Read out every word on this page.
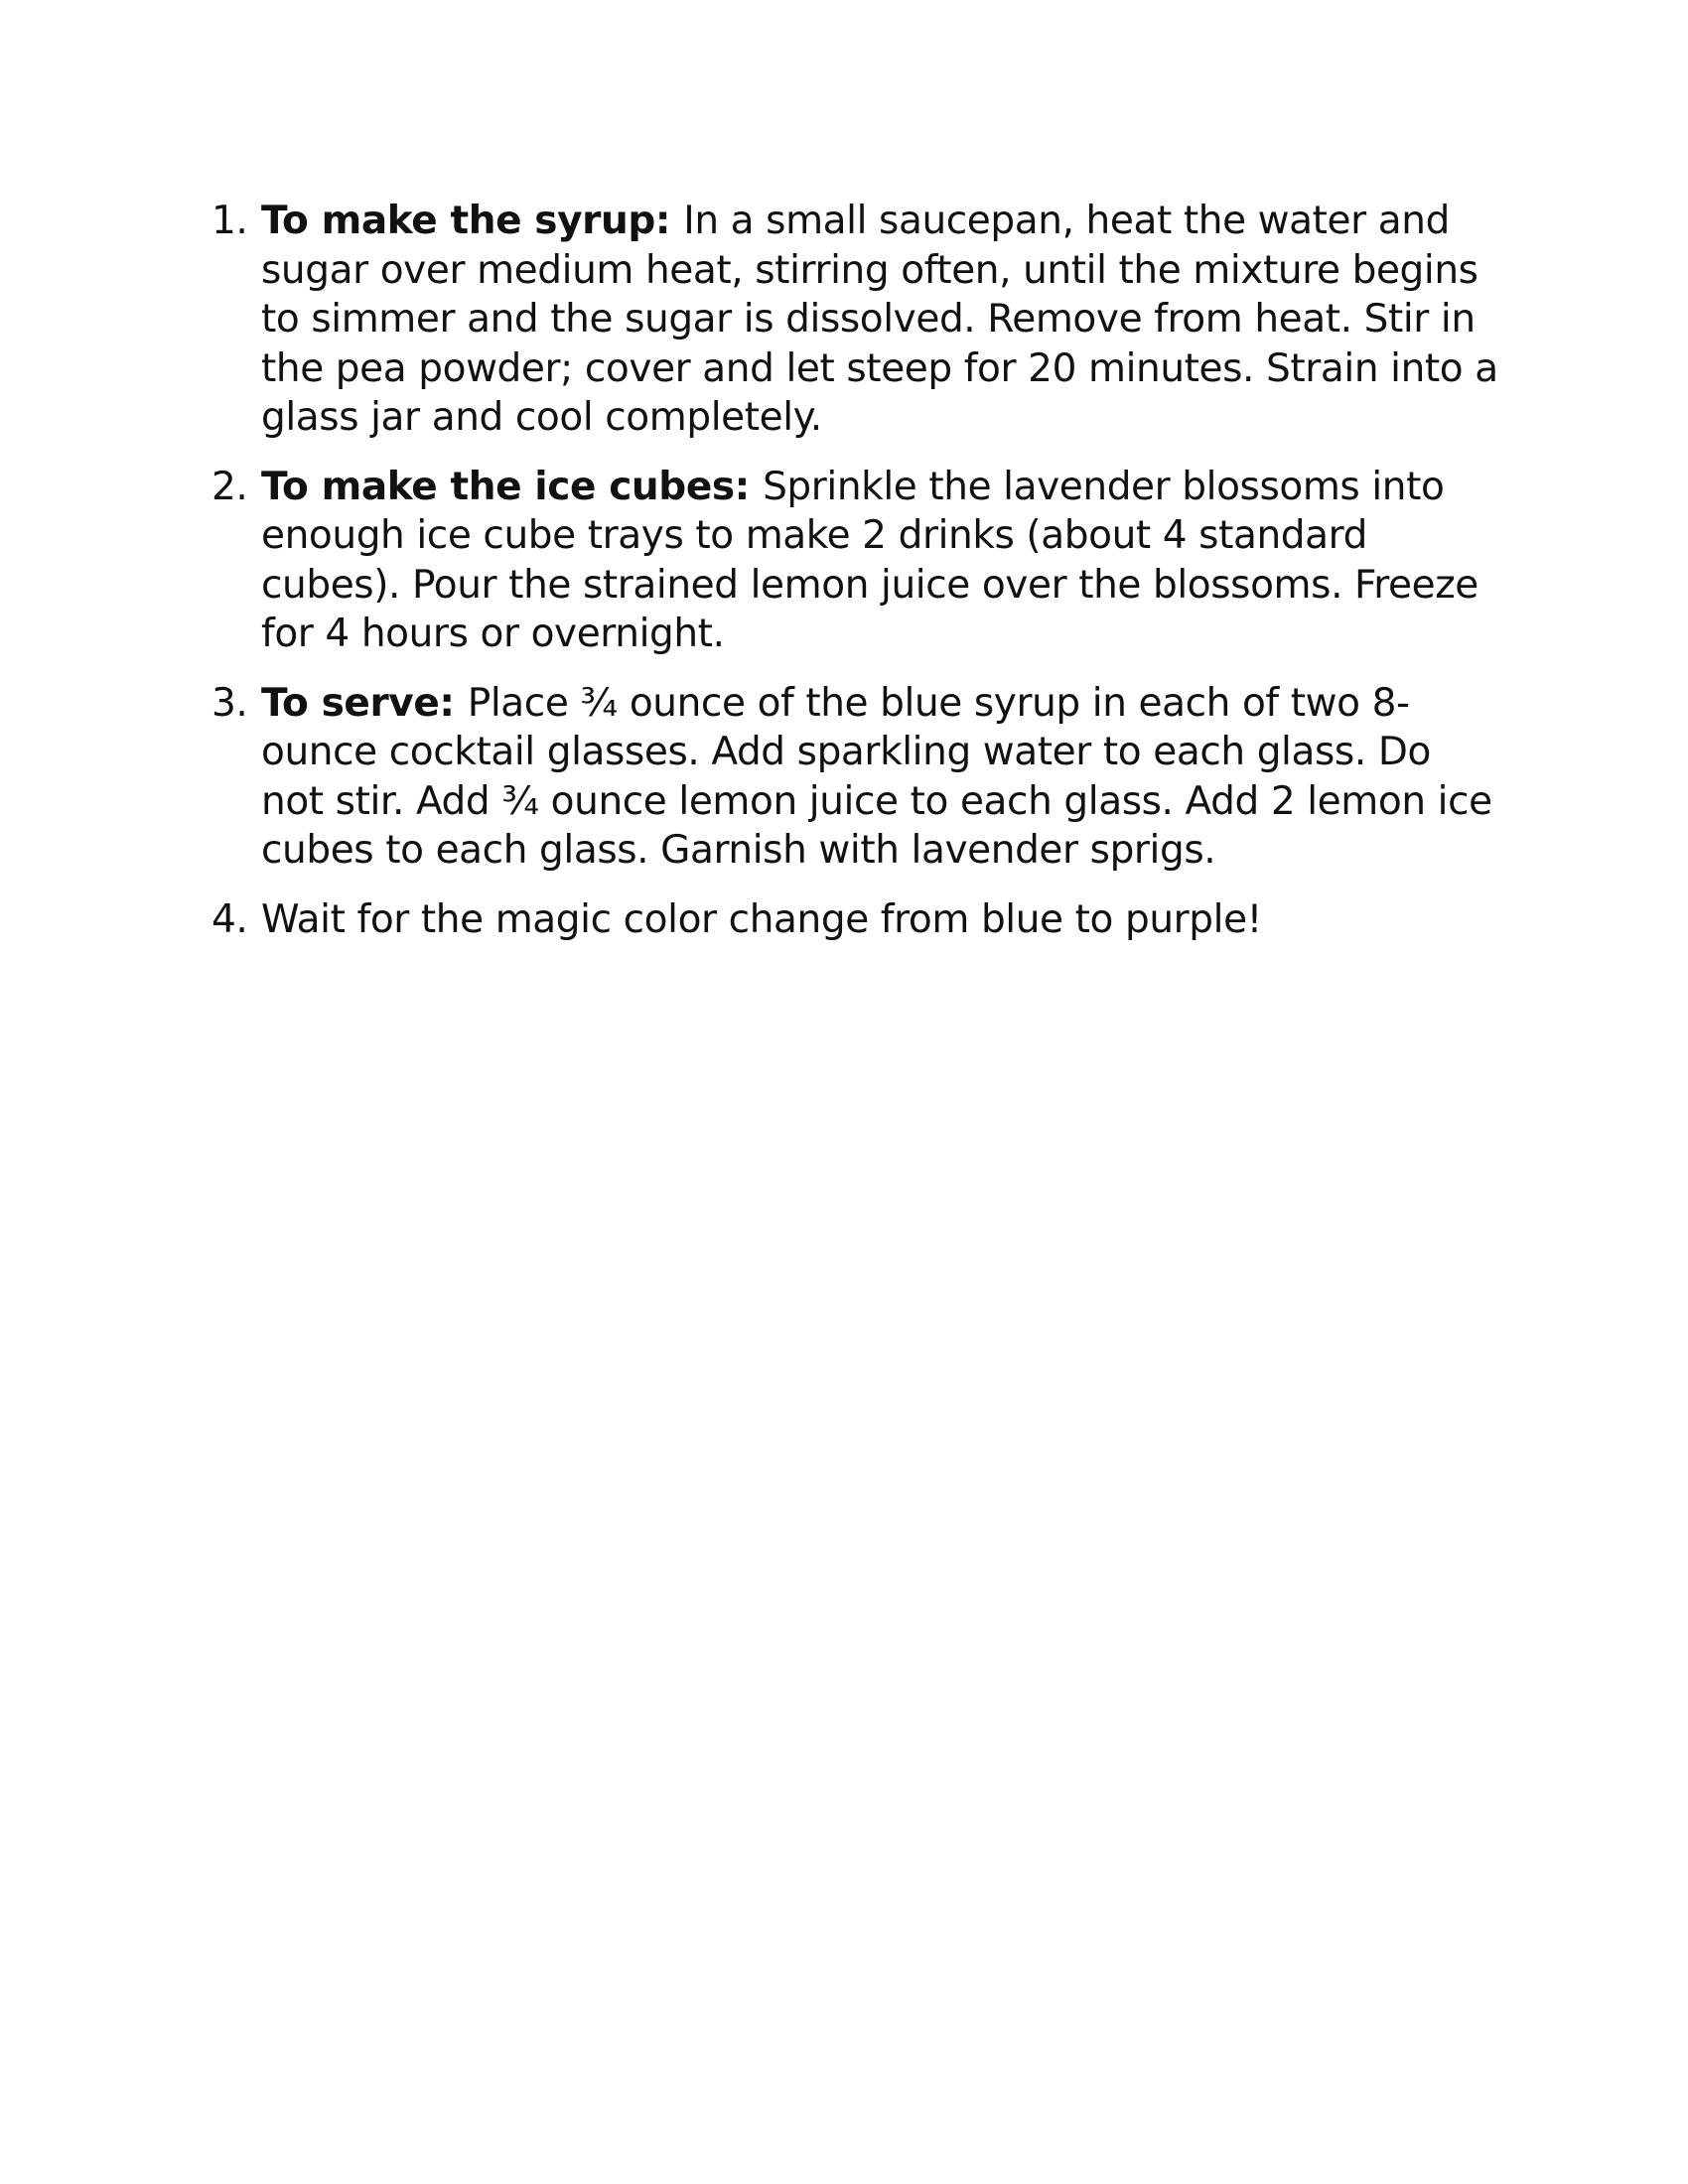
1. To make the syrup: In a small saucepan, heat the water and sugar over medium heat, stirring often, until the mixture begins to simmer and the sugar is dissolved. Remove from heat. Stir in the pea powder; cover and let steep for 20 minutes. Strain into a glass jar and cool completely.
2. To make the ice cubes: Sprinkle the lavender blossoms into enough ice cube trays to make 2 drinks (about 4 standard cubes). Pour the strained lemon juice over the blossoms. Freeze for 4 hours or overnight.
3. To serve: Place ¾ ounce of the blue syrup in each of two 8-ounce cocktail glasses. Add sparkling water to each glass. Do not stir. Add ¾ ounce lemon juice to each glass. Add 2 lemon ice cubes to each glass. Garnish with lavender sprigs.
4. Wait for the magic color change from blue to purple!
